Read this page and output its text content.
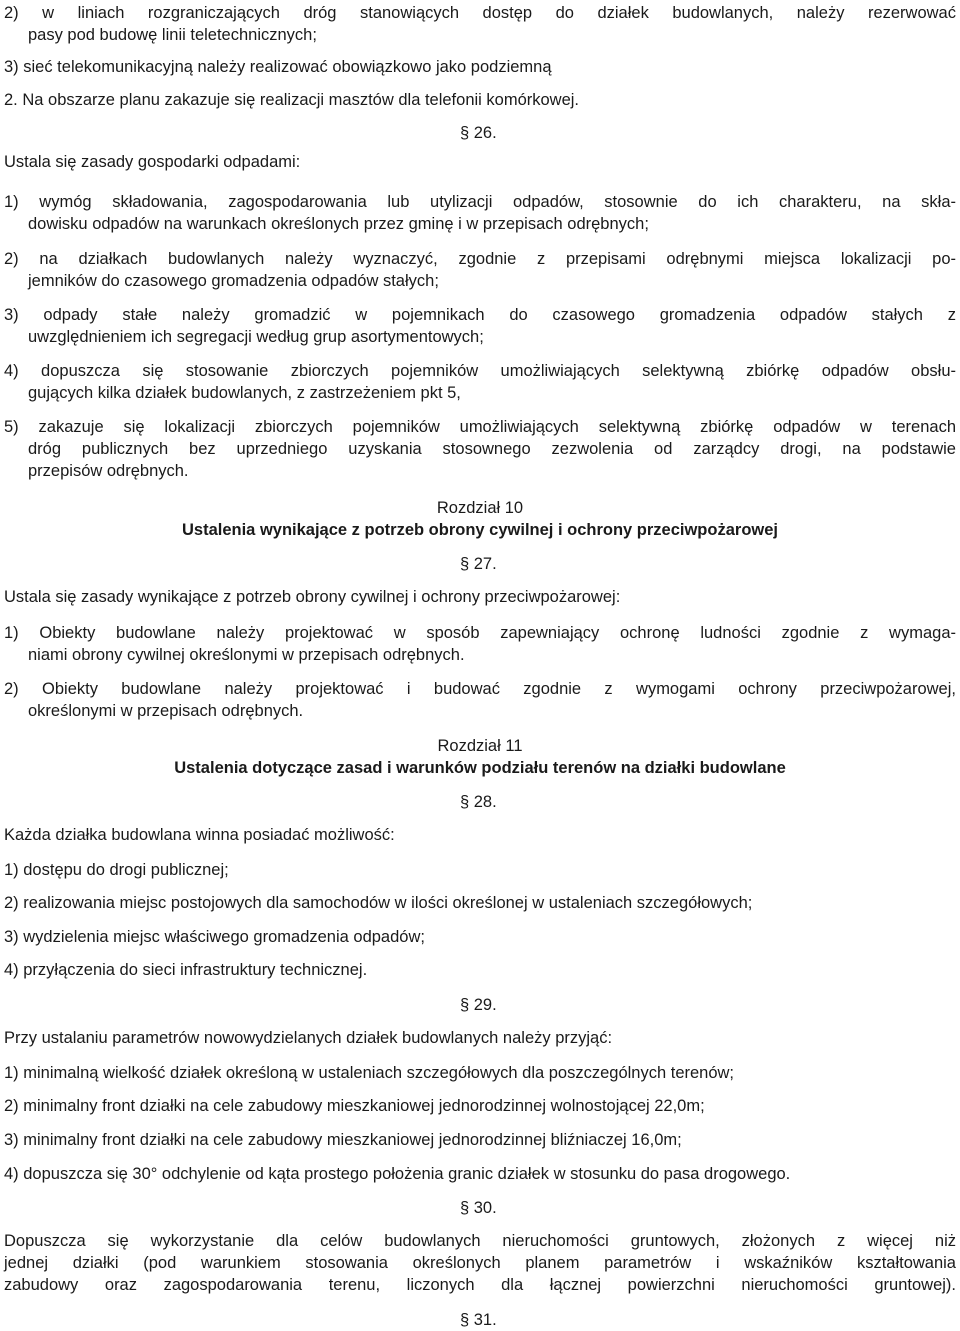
2) w liniach rozgraniczających dróg stanowiących dostęp do działek budowlanych, należy rezerwować
pasy pod budowę linii teletechnicznych;
3) sieć telekomunikacyjną należy realizować obowiązkowo jako podziemną
2. Na obszarze planu zakazuje się realizacji masztów dla telefonii komórkowej.
§ 26.
Ustala się zasady gospodarki odpadami:
1) wymóg składowania, zagospodarowania lub utylizacji odpadów, stosownie do ich charakteru, na skła-
dowisku odpadów na warunkach określonych przez gminę i w przepisach odrębnych;
2) na działkach budowlanych należy wyznaczyć, zgodnie z przepisami odrębnymi miejsca lokalizacji po-
jemników do czasowego gromadzenia odpadów stałych;
3) odpady stałe należy gromadzić w pojemnikach do czasowego gromadzenia odpadów stałych z
uwzględnieniem ich segregacji według grup asortymentowych;
4) dopuszcza się stosowanie zbiorczych pojemników umożliwiających selektywną zbiórkę odpadów obsłu-
gujących kilka działek budowlanych, z zastrzeżeniem pkt 5,
5) zakazuje się lokalizacji zbiorczych pojemników umożliwiających selektywną zbiórkę odpadów w terenach
dróg publicznych bez uprzedniego uzyskania stosownego zezwolenia od zarządcy drogi, na podstawie
przepisów odrębnych.
Rozdział 10
Ustalenia wynikające z potrzeb obrony cywilnej i ochrony przeciwpożarowej
§ 27.
Ustala się zasady wynikające z potrzeb obrony cywilnej i ochrony przeciwpożarowej:
1) Obiekty budowlane należy projektować w sposób zapewniający ochronę ludności zgodnie z wymaga-
niami obrony cywilnej określonymi w przepisach odrębnych.
2) Obiekty budowlane należy projektować i budować zgodnie z wymogami ochrony przeciwpożarowej,
określonymi w przepisach odrębnych.
Rozdział 11
Ustalenia dotyczące zasad i warunków podziału terenów na działki budowlane
§ 28.
Każda działka budowlana winna posiadać możliwość:
1) dostępu do drogi publicznej;
2) realizowania miejsc postojowych dla samochodów w ilości określonej w ustaleniach szczegółowych;
3) wydzielenia miejsc właściwego gromadzenia odpadów;
4) przyłączenia do sieci infrastruktury technicznej.
§ 29.
Przy ustalaniu parametrów nowowydzielanych działek budowlanych należy przyjąć:
1) minimalną wielkość działek określoną w ustaleniach szczegółowych dla poszczególnych terenów;
2) minimalny front działki na cele zabudowy mieszkaniowej jednorodzinnej wolnostojącej 22,0m;
3) minimalny front działki na cele zabudowy mieszkaniowej jednorodzinnej bliźniaczej 16,0m;
4) dopuszcza się 30° odchylenie od kąta prostego położenia granic działek w stosunku do pasa drogowego.
§ 30.
Dopuszcza się wykorzystanie dla celów budowlanych nieruchomości gruntowych, złożonych z więcej niż
jednej działki (pod warunkiem stosowania określonych planem parametrów i wskaźników kształtowania
zabudowy oraz zagospodarowania terenu, liczonych dla łącznej powierzchni nieruchomości gruntowej).
§ 31.
